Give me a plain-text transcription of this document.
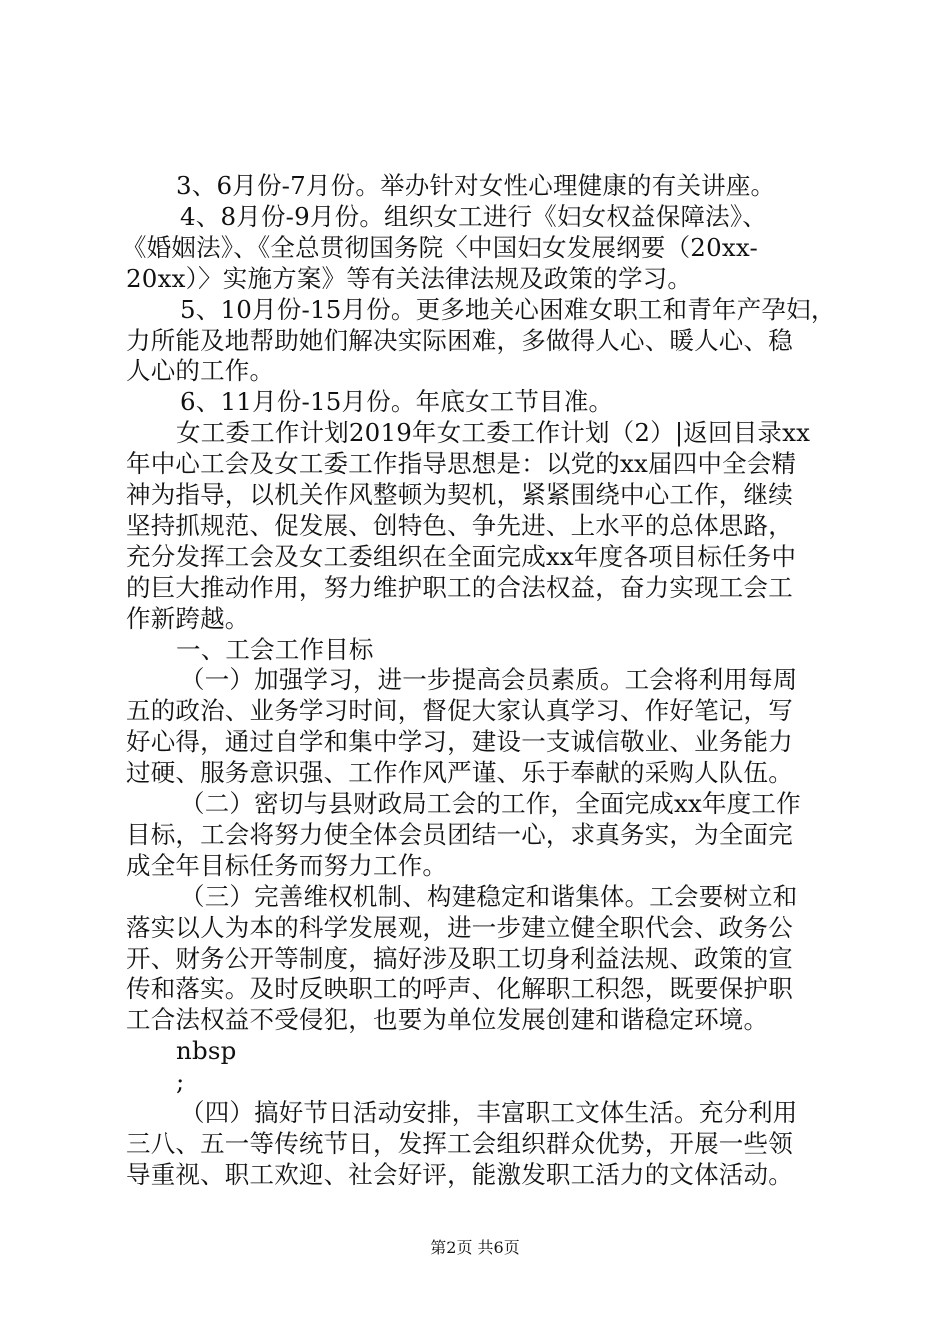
3、6月份-7月份。举办针对女性心理健康的有关讲座。
4、8月份-9月份。组织女工进行《妇女权益保障法》、
《婚姻法》、《全总贯彻国务院〈中国妇女发展纲要（20xx-
20xx）〉实施方案》等有关法律法规及政策的学习。
5、10月份-15月份。更多地关心困难女职工和青年产孕妇，
力所能及地帮助她们解决实际困难，多做得人心、暖人心、稳
人心的工作。
6、11月份-15月份。年底女工节目准。
女工委工作计划2019年女工委工作计划（2）|返回目录xx
年中心工会及女工委工作指导思想是：以党的xx届四中全会精
神为指导，以机关作风整顿为契机，紧紧围绕中心工作，继续
坚持抓规范、促发展、创特色、争先进、上水平的总体思路，
充分发挥工会及女工委组织在全面完成xx年度各项目标任务中
的巨大推动作用，努力维护职工的合法权益，奋力实现工会工
作新跨越。
一、工会工作目标
（一）加强学习，进一步提高会员素质。工会将利用每周
五的政治、业务学习时间，督促大家认真学习、作好笔记，写
好心得，通过自学和集中学习，建设一支诚信敬业、业务能力
过硬、服务意识强、工作作风严谨、乐于奉献的采购人队伍。
（二）密切与县财政局工会的工作，全面完成xx年度工作
目标，工会将努力使全体会员团结一心，求真务实，为全面完
成全年目标任务而努力工作。
（三）完善维权机制、构建稳定和谐集体。工会要树立和
落实以人为本的科学发展观，进一步建立健全职代会、政务公
开、财务公开等制度，搞好涉及职工切身利益法规、政策的宣
传和落实。及时反映职工的呼声、化解职工积怨，既要保护职
工合法权益不受侵犯，也要为单位发展创建和谐稳定环境。
nbsp
;
（四）搞好节日活动安排，丰富职工文体生活。充分利用
三八、五一等传统节日，发挥工会组织群众优势，开展一些领
导重视、职工欢迎、社会好评，能激发职工活力的文体活动。
第2页 共6页
